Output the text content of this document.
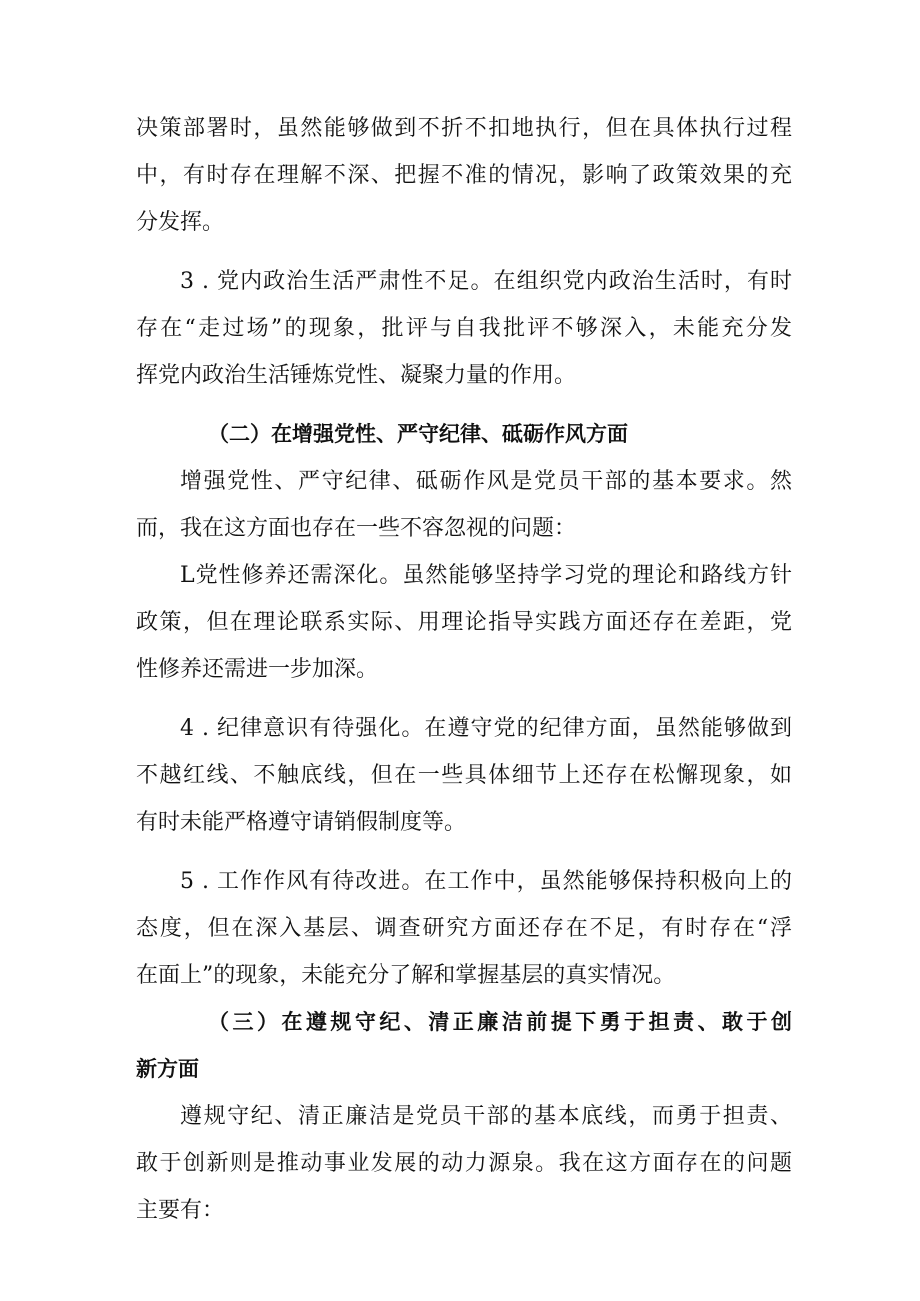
决策部署时，虽然能够做到不折不扣地执行，但在具体执行过程
中，有时存在理解不深、把握不准的情况，影响了政策效果的充
分发挥。
3 . 党内政治生活严肃性不足。在组织党内政治生活时，有时
存在“走过场”的现象，批评与自我批评不够深入，未能充分发
挥党内政治生活锤炼党性、凝聚力量的作用。
（二）在增强党性、严守纪律、砥砺作风方面
增强党性、严守纪律、砥砺作风是党员干部的基本要求。然
而，我在这方面也存在一些不容忽视的问题：
L党性修养还需深化。虽然能够坚持学习党的理论和路线方针
政策，但在理论联系实际、用理论指导实践方面还存在差距，党
性修养还需进一步加深。
4 . 纪律意识有待强化。在遵守党的纪律方面，虽然能够做到
不越红线、不触底线，但在一些具体细节上还存在松懈现象，如
有时未能严格遵守请销假制度等。
5 . 工作作风有待改进。在工作中，虽然能够保持积极向上的
态度，但在深入基层、调查研究方面还存在不足，有时存在“浮
在面上”的现象，未能充分了解和掌握基层的真实情况。
（三）在遵规守纪、清正廉洁前提下勇于担责、敢于创
新方面
遵规守纪、清正廉洁是党员干部的基本底线，而勇于担责、
敢于创新则是推动事业发展的动力源泉。我在这方面存在的问题
主要有：
